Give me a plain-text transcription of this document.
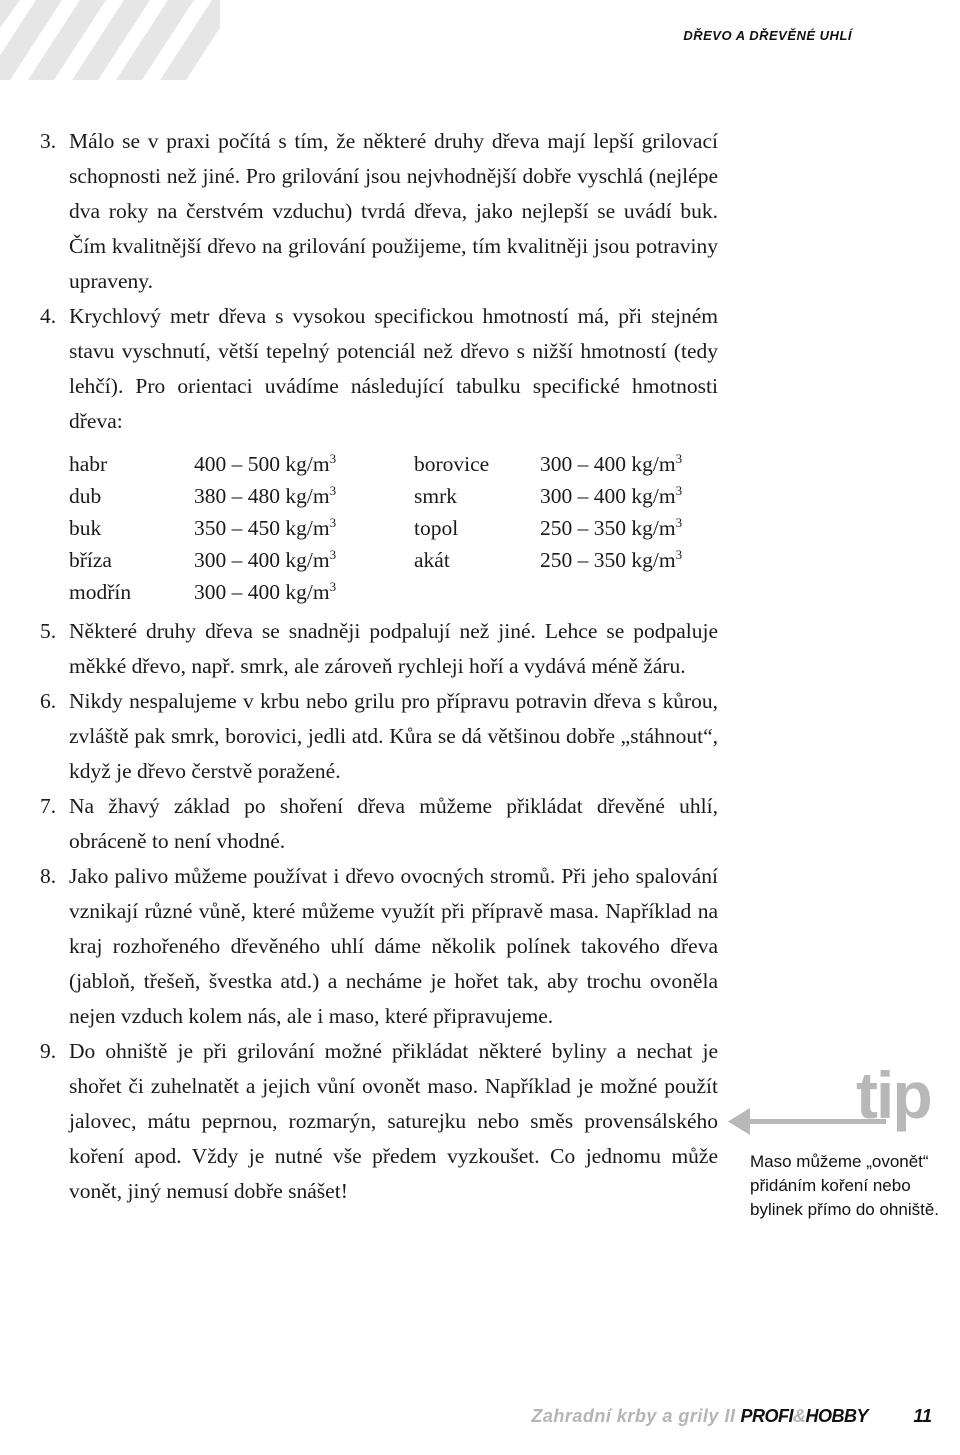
DŘEVO A DŘEVĚNÉ UHLÍ

3. Málo se v praxi počítá s tím, že některé druhy dřeva mají lepší grilovací schopnosti než jiné. Pro grilování jsou nejvhodnější dobře vyschlá (nejlépe dva roky na čerstvém vzduchu) tvrdá dřeva, jako nejlepší se uvádí buk. Čím kvalitnější dřevo na grilování použijeme, tím kvalitněji jsou potraviny upraveny.

4. Krychlový metr dřeva s vysokou specifickou hmotností má, při stejném stavu vyschnutí, větší tepelný potenciál než dřevo s nižší hmotností (tedy lehčí). Pro orientaci uvádíme následující tabulku specifické hmotnosti dřeva:

habr	400 – 500 $kg/m^3$	borovice	300 – 400 $kg/m^3$
dub	380 – 480 $kg/m^3$	smrk	300 – 400 $kg/m^3$
buk	350 – 450 $kg/m^3$	topol	250 – 350 $kg/m^3$
bříza	300 – 400 $kg/m^3$	akát	250 – 350 $kg/m^3$
modřín	300 – 400 $kg/m^3$		

5. Některé druhy dřeva se snadněji podpalují než jiné. Lehce se podpaluje měkké dřevo, např. smrk, ale zároveň rychleji hoří a vydává méně žáru.

6. Nikdy nespalujeme v krbu nebo grilu pro přípravu potravin dřeva s kůrou, zvláště pak smrk, borovici, jedli atd. Kůra se dá většinou dobře „stáhnout“, když je dřevo čerstvě poražené.

7. Na žhavý základ po shoření dřeva můžeme přikládat dřevěné uhlí, obráceně to není vhodné.

8. Jako palivo můžeme používat i dřevo ovocných stromů. Při jeho spalování vznikají různé vůně, které můžeme využít při přípravě masa. Například na kraj rozhořeného dřevěného uhlí dáme několik polínek takového dřeva (jabloň, třešeň, švestka atd.) a necháme je hořet tak, aby trochu ovoněla nejen vzduch kolem nás, ale i maso, které připravujeme.

9. Do ohniště je při grilování možné přikládat některé byliny a nechat je shořet či zuhelnatět a jejich vůní ovonět maso. Například je možné použít jalovec, mátu peprnou, rozmarýn, saturejku nebo směs provensálského koření apod. Vždy je nutné vše předem vyzkoušet. Co jednomu může vonět, jiný nemusí dobře snášet!

tip
Maso můžeme „ovonět“ přidáním koření nebo bylinek přímo do ohniště.
Zahradní krby a grily II PROFI&HOBBY	11
